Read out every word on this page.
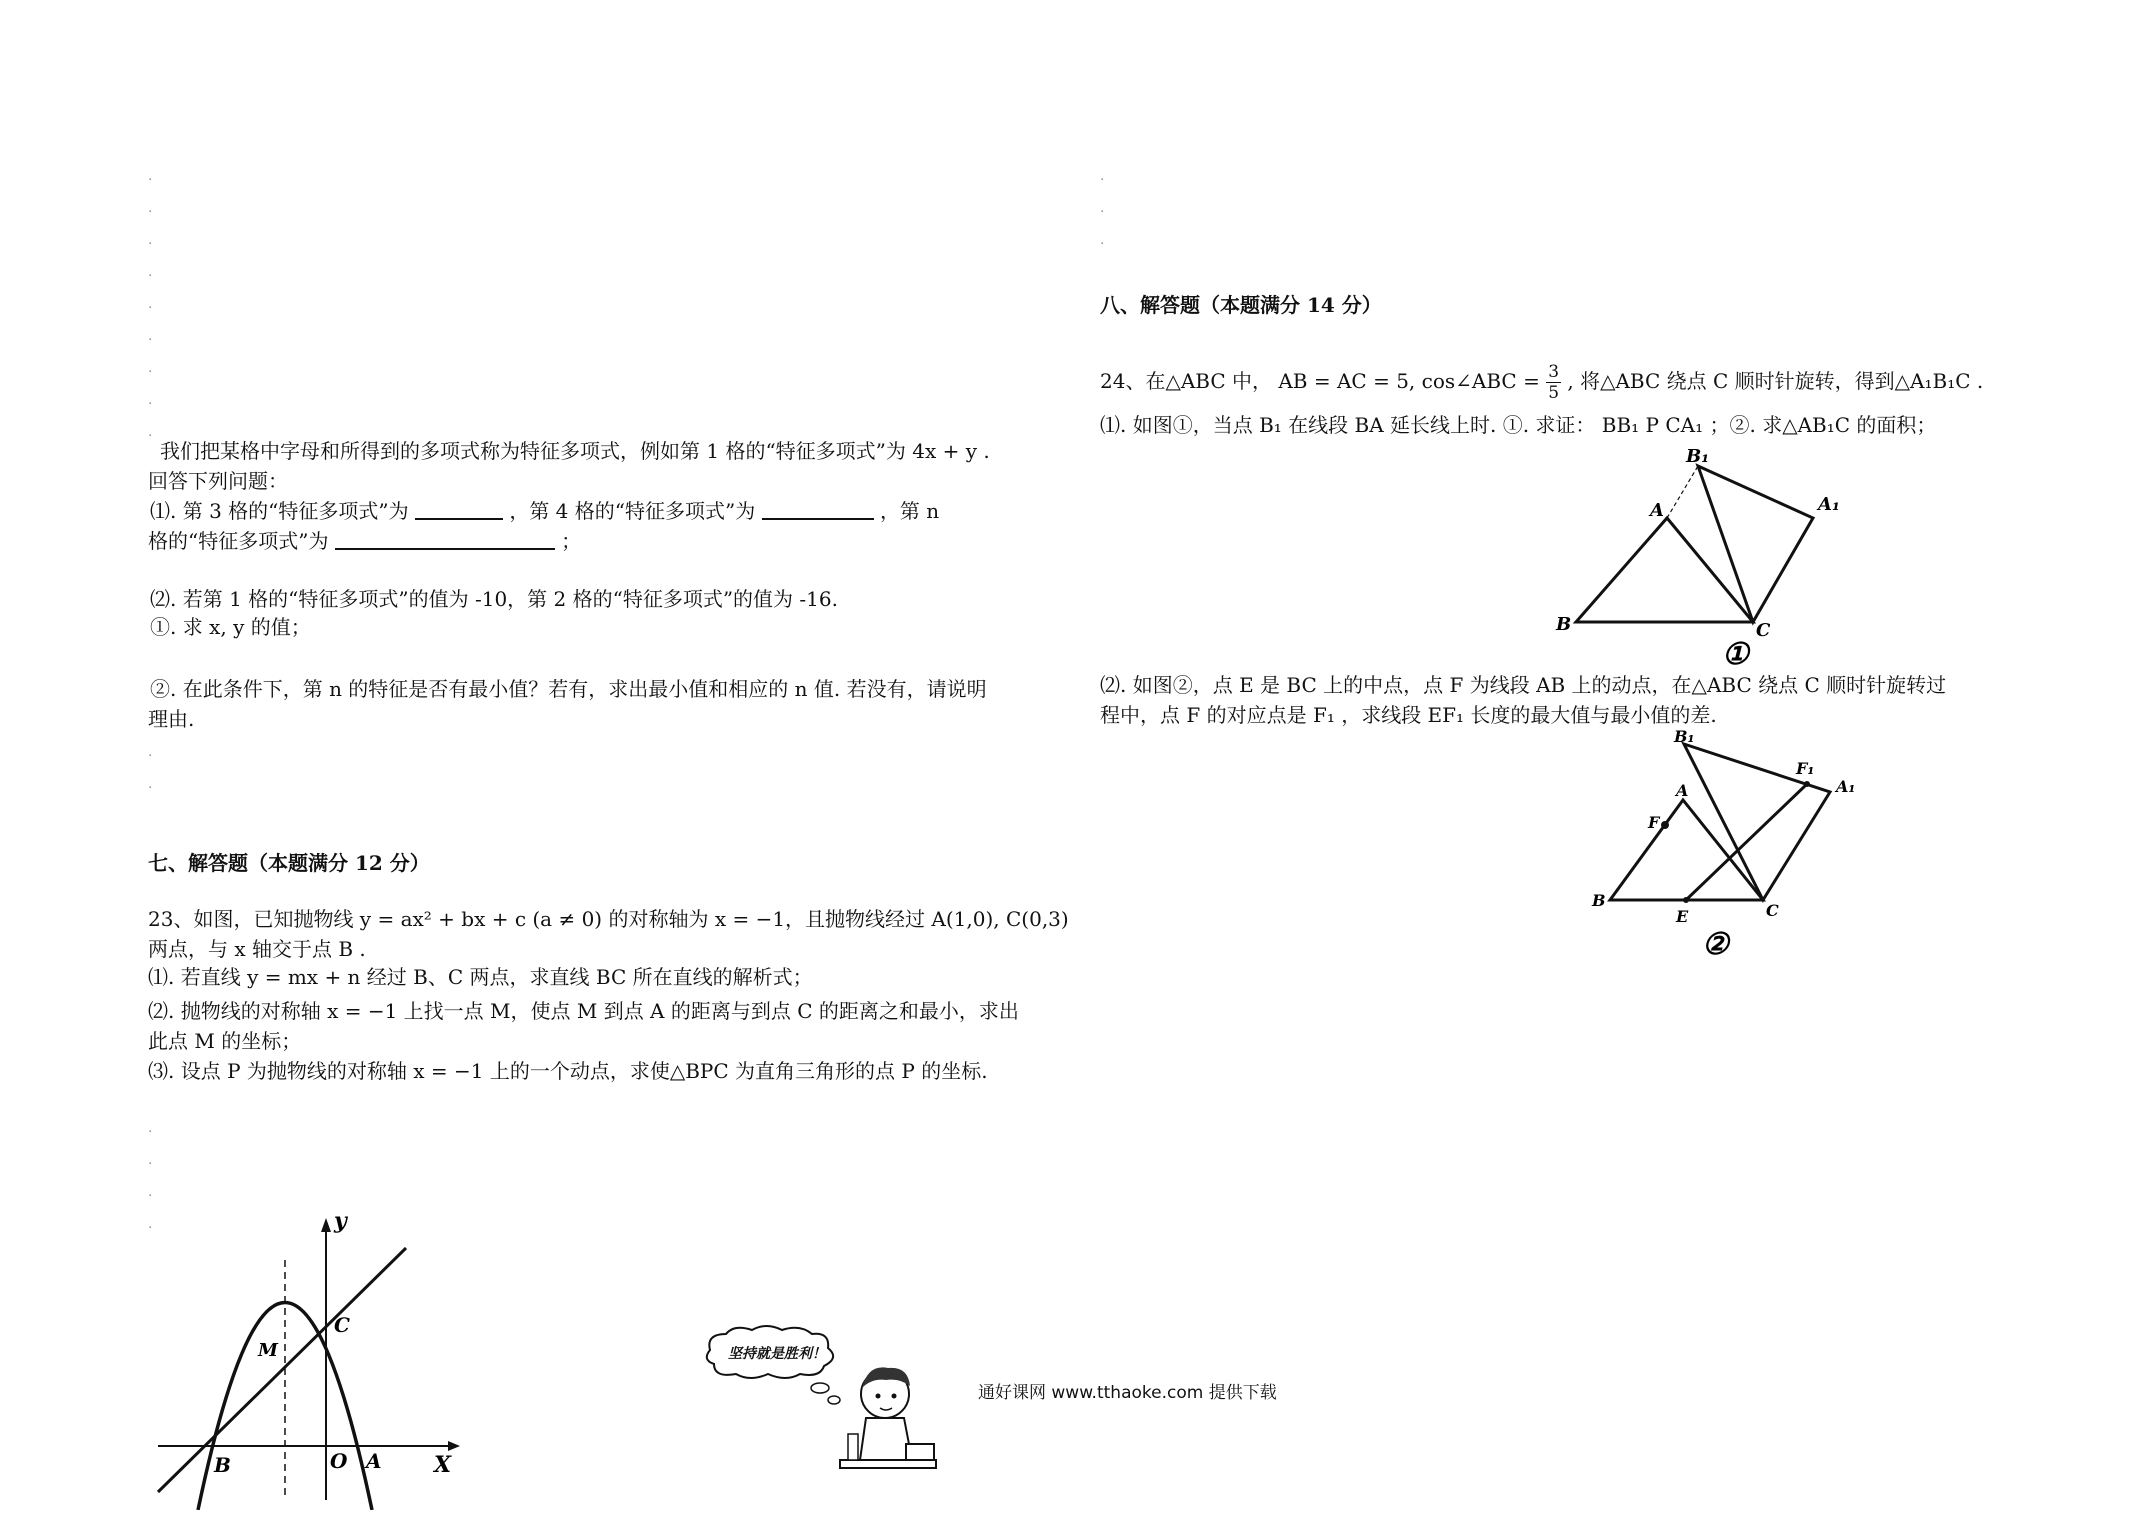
.

.

.

.

.

.

.

.

.
我们把某格中字母和所得到的多项式称为特征多项式，例如第 1 格的“特征多项式”为 4x + y .
回答下列问题：
⑴. 第 3 格的“特征多项式”为	，第 4 格的“特征多项式”为	，第 n
格的“特征多项式”为	；
⑵. 若第 1 格的“特征多项式”的值为 -10，第 2 格的“特征多项式”的值为 -16.
①. 求 x, y 的值；
②. 在此条件下，第 n 的特征是否有最小值？若有，求出最小值和相应的 n 值. 若没有，请说明
理由.
.

.
七、解答题（本题满分 12 分）
23、如图，已知抛物线 y = ax² + bx + c (a ≠ 0) 的对称轴为 x = −1，且抛物线经过 A(1,0), C(0,3)
两点，与 x 轴交于点 B .
⑴. 若直线 y = mx + n 经过 B、C 两点，求直线 BC 所在直线的解析式；
⑵. 抛物线的对称轴 x = −1 上找一点 M，使点 M 到点 A 的距离与到点 C 的距离之和最小，求出
此点 M 的坐标；
⑶. 设点 P 为抛物线的对称轴 x = −1 上的一个动点，求使△BPC 为直角三角形的点 P 的坐标.
.

.

.

.	y
X
C
M
B	O A
.

.

.
八、解答题（本题满分 14 分）
24、在△ABC 中， AB = AC = 5, cos∠ABC = $\frac{3}{5}$ , 将△ABC 绕点 C 顺时针旋转，得到△A₁B₁C .
⑴. 如图①，当点 B₁ 在线段 BA 延长线上时. ①. 求证： BB₁ P CA₁ ；②. 求△AB₁C 的面积；
B₁
A₁
A
B	C
①
⑵. 如图②，点 E 是 BC 上的中点，点 F 为线段 AB 上的动点，在△ABC 绕点 C 顺时针旋转过
程中，点 F 的对应点是 F₁ ，求线段 EF₁ 长度的最大值与最小值的差.
B₁
F₁
A₁
A
F
B
E	C
②
坚持就是胜利！
通好课网 www.tthaoke.com 提供下载
